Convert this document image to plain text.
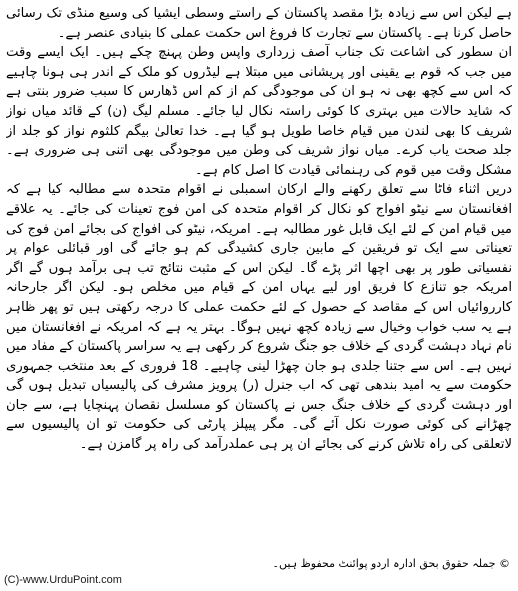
ہے لیکن اس سے زیادہ بڑا مقصد پاکستان کے راستے وسطی ایشیا کی وسیع منڈی تک رسائی حاصل کرنا ہے۔ پاکستان سے تجارت کا فروغ اس حکمت عملی کا بنیادی عنصر ہے۔

ان سطور کی اشاعت تک جناب آصف زرداری واپس وطن پہنچ چکے ہیں۔ ایک ایسے وقت میں جب کہ قوم بے یقینی اور پریشانی میں مبتلا ہے لیڈروں کو ملک کے اندر ہی ہونا چاہیے کہ اس سے کچھ بھی نہ ہو ان کی موجودگی کم از کم اس ڈھارس کا سبب ضرور بنتی ہے کہ شاید حالات میں بہتری کا کوئی راستہ نکال لیا جائے۔ مسلم لیگ (ن) کے قائد میاں نواز شریف کا بھی لندن میں قیام خاصا طویل ہو گیا ہے۔ خدا تعالیٰ بیگم کلثوم نواز کو جلد از جلد صحت یاب کرے۔ میاں نواز شریف کی وطن میں موجودگی بھی اتنی ہی ضروری ہے۔ مشکل وقت میں قوم کی رہنمائی قیادت کا اصل کام ہے۔

دریں اثناء فاٹا سے تعلق رکھنے والے ارکان اسمبلی نے اقوام متحدہ سے مطالبہ کیا ہے کہ افغانستان سے نیٹو افواج کو نکال کر اقوام متحدہ کی امن فوج تعینات کی جائے۔ یہ علاقے میں قیام امن کے لئے ایک قابل غور مطالبہ ہے۔ امریکہ، نیٹو کی افواج کی بجائے امن فوج کی تعیناتی سے ایک تو فریقین کے مابین جاری کشیدگی کم ہو جائے گی اور قبائلی عوام پر نفسیاتی طور پر بھی اچھا اثر پڑے گا۔ لیکن اس کے مثبت نتائج تب ہی برآمد ہوں گے اگر امریکہ جو تنازع کا فریق اور لیے یہاں امن کے قیام میں مخلص ہو۔ لیکن اگر جارحانہ کارروائیاں اس کے مقاصد کے حصول کے لئے حکمت عملی کا درجہ رکھتی ہیں تو پھر ظاہر ہے یہ سب خواب وخیال سے زیادہ کچھ نہیں ہوگا۔ بہتر یہ ہے کہ امریکہ نے افغانستان میں نام نہاد دہشت گردی کے خلاف جو جنگ شروع کر رکھی ہے یہ سراسر پاکستان کے مفاد میں نہیں ہے۔ اس سے جتنا جلدی ہو جان چھڑا لینی چاہیے۔ 18 فروری کے بعد منتخب جمہوری حکومت سے یہ امید بندھی تھی کہ اب جنرل (ر) پرویز مشرف کی پالیسیاں تبدیل ہوں گی اور دہشت گردی کے خلاف جنگ جس نے پاکستان کو مسلسل نقصان پہنچایا ہے، سے جان چھڑانے کی کوئی صورت نکل آئے گی۔ مگر پیپلز پارٹی کی حکومت تو ان پالیسیوں سے لاتعلقی کی راہ تلاش کرنے کی بجائے ان پر ہی عملدرآمد کی راہ پر گامزن ہے۔

© جملہ حقوق بحق ادارہ اردو پوائنٹ محفوظ ہیں۔
(C)-www.UrduPoint.com
